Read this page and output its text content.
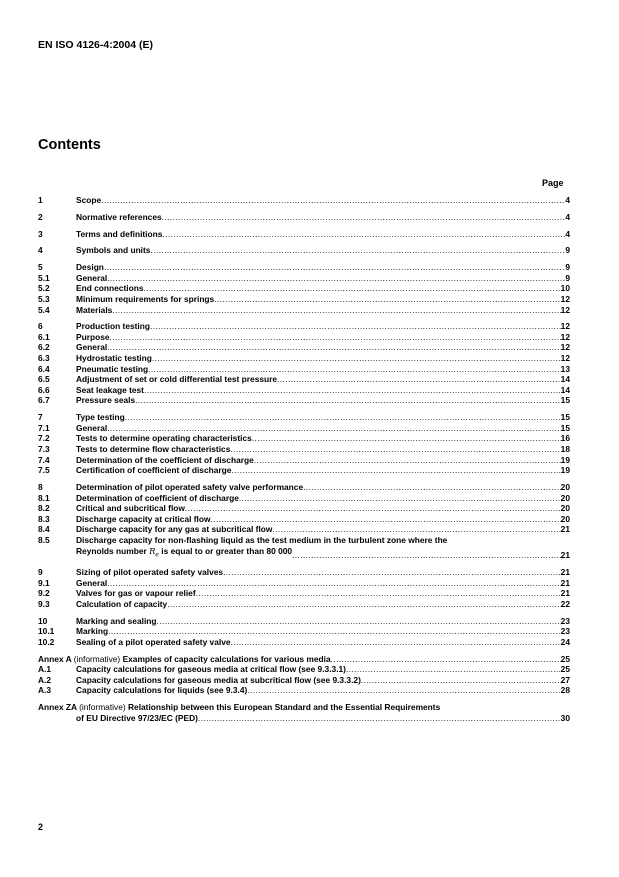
EN ISO 4126-4:2004 (E)
Contents
Page
1	Scope .....	4
2	Normative references .....	4
3	Terms and definitions .....	4
4	Symbols and units .....	9
5	Design .....	9
5.1	General .....	9
5.2	End connections .....	10
5.3	Minimum requirements for springs .....	12
5.4	Materials .....	12
6	Production testing .....	12
6.1	Purpose .....	12
6.2	General .....	12
6.3	Hydrostatic testing .....	12
6.4	Pneumatic testing .....	13
6.5	Adjustment of set or cold differential test pressure .....	14
6.6	Seat leakage test .....	14
6.7	Pressure seals .....	15
7	Type testing .....	15
7.1	General .....	15
7.2	Tests to determine operating characteristics .....	16
7.3	Tests to determine flow characteristics .....	18
7.4	Determination of the coefficient of discharge .....	19
7.5	Certification of coefficient of discharge .....	19
8	Determination of pilot operated safety valve performance .....	20
8.1	Determination of coefficient of discharge .....	20
8.2	Critical and subcritical flow .....	20
8.3	Discharge capacity at critical flow .....	20
8.4	Discharge capacity for any gas at subcritical flow .....	21
8.5	Discharge capacity for non-flashing liquid as the test medium in the turbulent zone where the
Reynolds number $R_e$ is equal to or greater than 80 000 .....	21
9	Sizing of pilot operated safety valves .....	21
9.1	General .....	21
9.2	Valves for gas or vapour relief .....	21
9.3	Calculation of capacity .....	22
10	Marking and sealing .....	23
10.1	Marking .....	23
10.2	Sealing of a pilot operated safety valve .....	24
Annex A (informative) Examples of capacity calculations for various media .....	25
A.1	Capacity calculations for gaseous media at critical flow (see 9.3.3.1) .....	25
A.2	Capacity calculations for gaseous media at subcritical flow (see 9.3.3.2) .....	27
A.3	Capacity calculations for liquids (see 9.3.4) .....	28
Annex ZA (informative) Relationship between this European Standard and the Essential Requirements
of EU Directive 97/23/EC (PED) .....	30
2
